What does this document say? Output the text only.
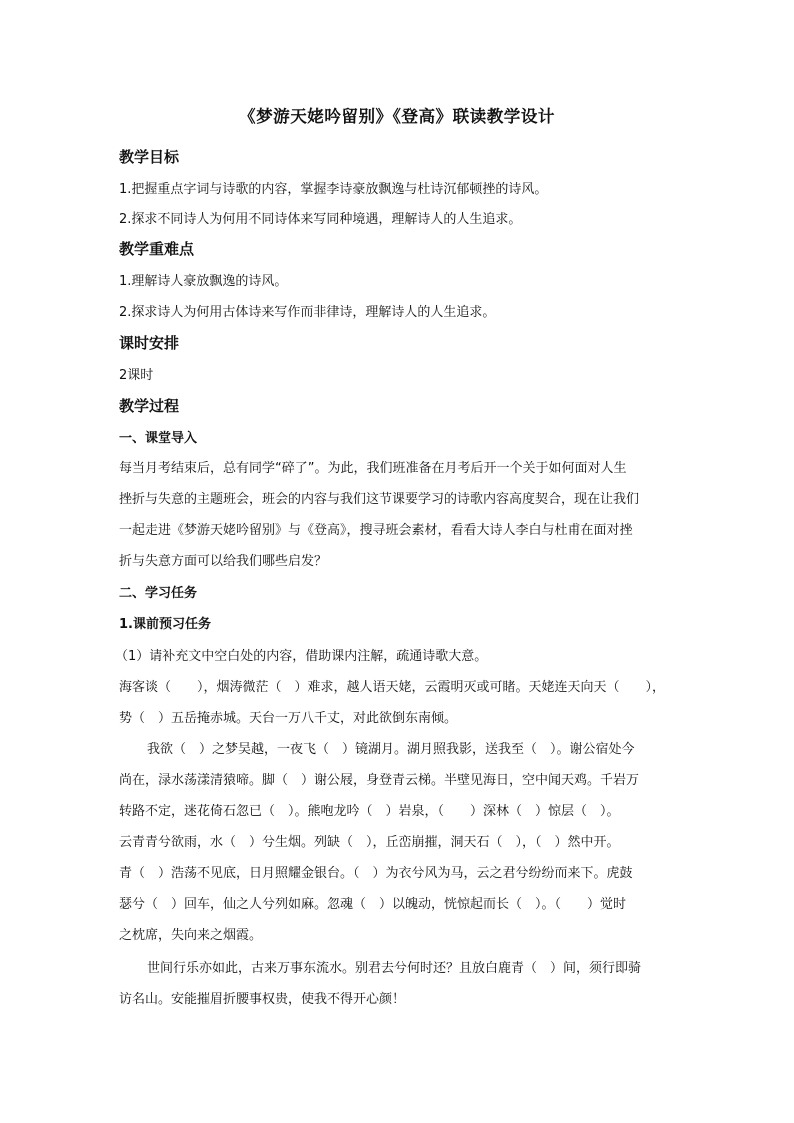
《梦游天姥吟留别》《登高》联读教学设计
教学目标
1.把握重点字词与诗歌的内容，掌握李诗豪放飘逸与杜诗沉郁顿挫的诗风。
2.探求不同诗人为何用不同诗体来写同种境遇，理解诗人的人生追求。
教学重难点
1.理解诗人豪放飘逸的诗风。
2.探求诗人为何用古体诗来写作而非律诗，理解诗人的人生追求。
课时安排
2课时
教学过程
一、课堂导入
每当月考结束后，总有同学“碎了”。为此，我们班准备在月考后开一个关于如何面对人生
挫折与失意的主题班会，班会的内容与我们这节课要学习的诗歌内容高度契合，现在让我们
一起走进《梦游天姥吟留别》与《登高》，搜寻班会素材，看看大诗人李白与杜甫在面对挫
折与失意方面可以给我们哪些启发？
二、学习任务
1.课前预习任务
（1）请补充文中空白处的内容，借助课内注解，疏通诗歌大意。
海客谈（　　），烟涛微茫（　）难求，越人语天姥，云霞明灭或可睹。天姥连天向天（　　），
势（　）五岳掩赤城。天台一万八千丈，对此欲倒东南倾。
我欲（　）之梦吴越，一夜飞（　）镜湖月。湖月照我影，送我至（　）。谢公宿处今
尚在，渌水荡漾清猿啼。脚（　）谢公屐，身登青云梯。半壁见海日，空中闻天鸡。千岩万
转路不定，迷花倚石忽已（　）。熊咆龙吟（　）岩泉，（　　）深林（　）惊层（　）。
云青青兮欲雨，水（　）兮生烟。列缺（　），丘峦崩摧，洞天石（　），（　）然中开。
青（　）浩荡不见底，日月照耀金银台。（　）为衣兮风为马，云之君兮纷纷而来下。虎鼓
瑟兮（　）回车，仙之人兮列如麻。忽魂（　）以魄动，恍惊起而长（　）。（　　）觉时
之枕席，失向来之烟霞。
世间行乐亦如此，古来万事东流水。别君去兮何时还？且放白鹿青（　）间，须行即骑
访名山。安能摧眉折腰事权贵，使我不得开心颜！
